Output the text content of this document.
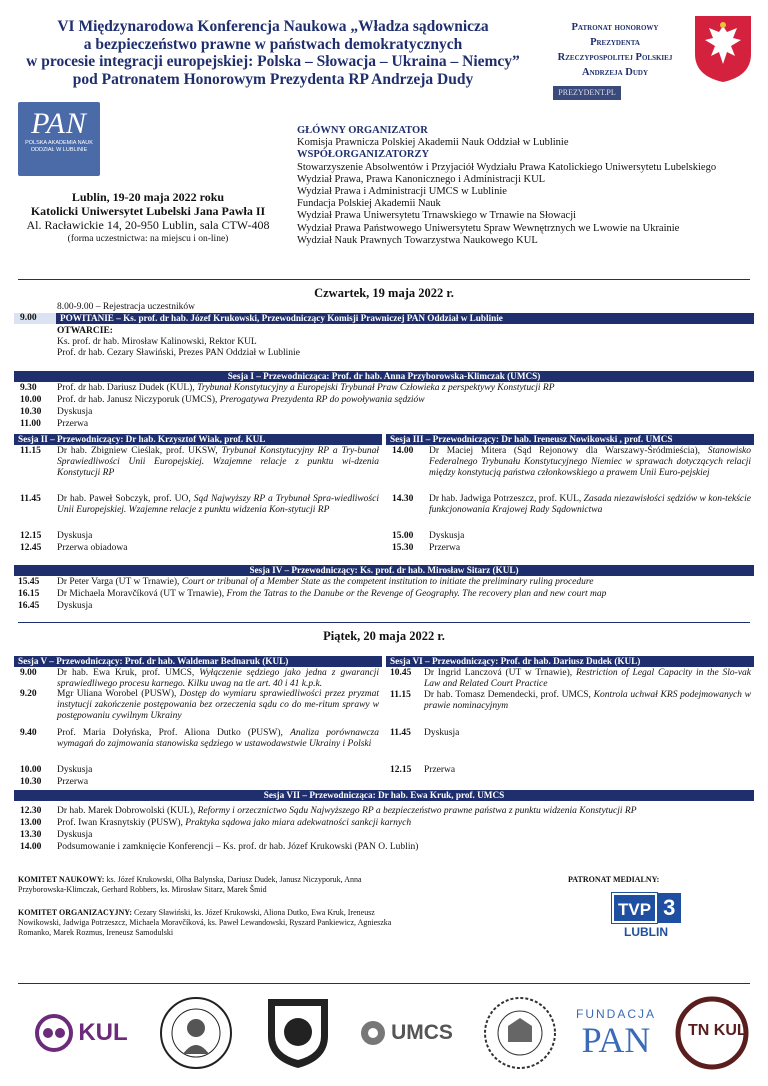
VI Międzynarodowa Konferencja Naukowa „Władza sądownicza
a bezpieczeństwo prawne w państwach demokratycznych
w procesie integracji europejskiej: Polska – Słowacja – Ukraina – Niemcy”
pod Patronatem Honorowym Prezydenta RP Andrzeja Dudy
Patronat honorowy
Prezydenta
Rzeczypospolitej Polskiej
Andrzeja Dudy
PREZYDENT.PL
PAN
POLSKA AKADEMIA NAUK ODDZIAŁ W LUBLINIE
Lublin, 19-20 maja 2022 roku
Katolicki Uniwersytet Lubelski Jana Pawła II
Al. Racławickie 14, 20-950 Lublin, sala CTW-408
(forma uczestnictwa: na miejscu i on-line)
GŁÓWNY ORGANIZATOR
Komisja Prawnicza Polskiej Akademii Nauk Oddział w Lublinie
WSPÓŁORGANIZATORZY
Stowarzyszenie Absolwentów i Przyjaciół Wydziału Prawa Katolickiego Uniwersytetu Lubelskiego
Wydział Prawa, Prawa Kanonicznego i Administracji KUL
Wydział Prawa i Administracji UMCS w Lublinie
Fundacja Polskiej Akademii Nauk
Wydział Prawa Uniwersytetu Trnawskiego w Trnawie na Słowacji
Wydział Prawa Państwowego Uniwersytetu Spraw Wewnętrznych we Lwowie na Ukrainie
Wydział Nauk Prawnych Towarzystwa Naukowego KUL
Czwartek, 19 maja 2022 r.
8.00-9.00 – Rejestracja uczestników
9.00	POWITANIE – Ks. prof. dr hab. Józef Krukowski, Przewodniczący Komisji Prawniczej PAN Oddział w Lublinie
OTWARCIE:
Ks. prof. dr hab. Mirosław Kalinowski, Rektor KUL
Prof. dr hab. Cezary Sławiński, Prezes PAN Oddział w Lublinie
Sesja I – Przewodnicząca: Prof. dr hab. Anna Przyborowska-Klimczak (UMCS)
9.30 Prof. dr hab. Dariusz Dudek (KUL), Trybunał Konstytucyjny a Europejski Trybunał Praw Człowieka z perspektywy Konstytucji RP
10.00 Prof. dr hab. Janusz Niczyporuk (UMCS), Prerogatywa Prezydenta RP do powoływania sędziów
10.30 Dyskusja
11.00 Przerwa
Sesja II – Przewodniczący: Dr hab. Krzysztof Wiak, prof. KUL	Sesja III – Przewodniczący: Dr hab. Ireneusz Nowikowski , prof. UMCS
11.15 Dr hab. Zbigniew Cieślak, prof. UKSW, Trybunał Konstytucyjny RP a Try-bunał Sprawiedliwości Unii Europejskiej. Wzajemne relacje z punktu wi-dzenia Konstytucji RP
11.45 Dr hab. Paweł Sobczyk, prof. UO, Sąd Najwyższy RP a Trybunał Spra-wiedliwości Unii Europejskiej. Wzajemne relacje z punktu widzenia Kon-stytucji RP
12.15 Dyskusja
12.45 Przerwa obiadowa
14.00 Dr Maciej Mitera (Sąd Rejonowy dla Warszawy-Śródmieścia), Stanowisko Federalnego Trybunału Konstytucyjnego Niemiec w sprawach dotyczących relacji między konstytucją państwa członkowskiego a prawem Unii Euro-pejskiej
14.30 Dr hab. Jadwiga Potrzeszcz, prof. KUL, Zasada niezawisłości sędziów w kon-tekście funkcjonowania Krajowej Rady Sądownictwa
15.00 Dyskusja
15.30 Przerwa
Sesja IV – Przewodniczący: Ks. prof. dr hab. Mirosław Sitarz (KUL)
15.45 Dr Peter Varga (UT w Trnawie), Court or tribunal of a Member State as the competent institution to initiate the preliminary ruling procedure
16.15 Dr Michaela Moravčíková (UT w Trnawie), From the Tatras to the Danube or the Revenge of Geography. The recovery plan and new court map
16.45 Dyskusja
Piątek, 20 maja 2022 r.
Sesja V – Przewodniczący: Prof. dr hab. Waldemar Bednaruk (KUL)	Sesja VI – Przewodniczący: Prof. dr hab. Dariusz Dudek (KUL)
9.00 Dr hab. Ewa Kruk, prof. UMCS, Wyłączenie sędziego jako jedna z gwarancji sprawiedliwego procesu karnego. Kilku uwag na tle art. 40 i 41 k.p.k.
9.20 Mgr Uliana Worobel (PUSW), Dostęp do wymiaru sprawiedliwości przez pryzmat instytucji zakończenie postępowania bez orzeczenia sądu co do me-ritum sprawy w postępowaniu cywilnym Ukrainy
9.40 Prof. Maria Dołyńska, Prof. Aliona Dutko (PUSW), Analiza porównawcza wymagań do zajmowania stanowiska sędziego w ustawodawstwie Ukrainy i Polski
10.00 Dyskusja
10.30 Przerwa
10.45 Dr Ingrid Lanczová (UT w Trnawie), Restriction of Legal Capacity in the Slo-vak Law and Related Court Practice
11.15 Dr hab. Tomasz Demendecki, prof. UMCS, Kontrola uchwał KRS podejmowanych w prawie nominacyjnym
11.45 Dyskusja
12.15 Przerwa
Sesja VII – Przewodnicząca: Dr hab. Ewa Kruk, prof. UMCS
12.30 Dr hab. Marek Dobrowolski (KUL), Reformy i orzecznictwo Sądu Najwyższego RP a bezpieczeństwo prawne państwa z punktu widzenia Konstytucji RP
13.00 Prof. Iwan Krasnytskiy (PUSW), Praktyka sądowa jako miara adekwatności sankcji karnych
13.30 Dyskusja
14.00 Podsumowanie i zamknięcie Konferencji – Ks. prof. dr hab. Józef Krukowski (PAN O. Lublin)
KOMITET NAUKOWY: ks. Józef Krukowski, Olha Balynska, Dariusz Dudek, Janusz Niczyporuk, Anna Przyborowska-Klimczak, Gerhard Robbers, ks. Mirosław Sitarz, Marek Šmid
KOMITET ORGANIZACYJNY: Cezary Sławiński, ks. Józef Krukowski, Aliona Dutko, Ewa Kruk, Ireneusz Nowikowski, Jadwiga Potrzeszcz, Michaela Moravčíková, ks. Paweł Lewandowski, Ryszard Pankiewicz, Agnieszka Romanko, Marek Rozmus, Ireneusz Samodulski
PATRONAT MEDIALNY:
TVP 3
LUBLIN
KUL	UMCS
FUNDACJA
PAN TN KUL
